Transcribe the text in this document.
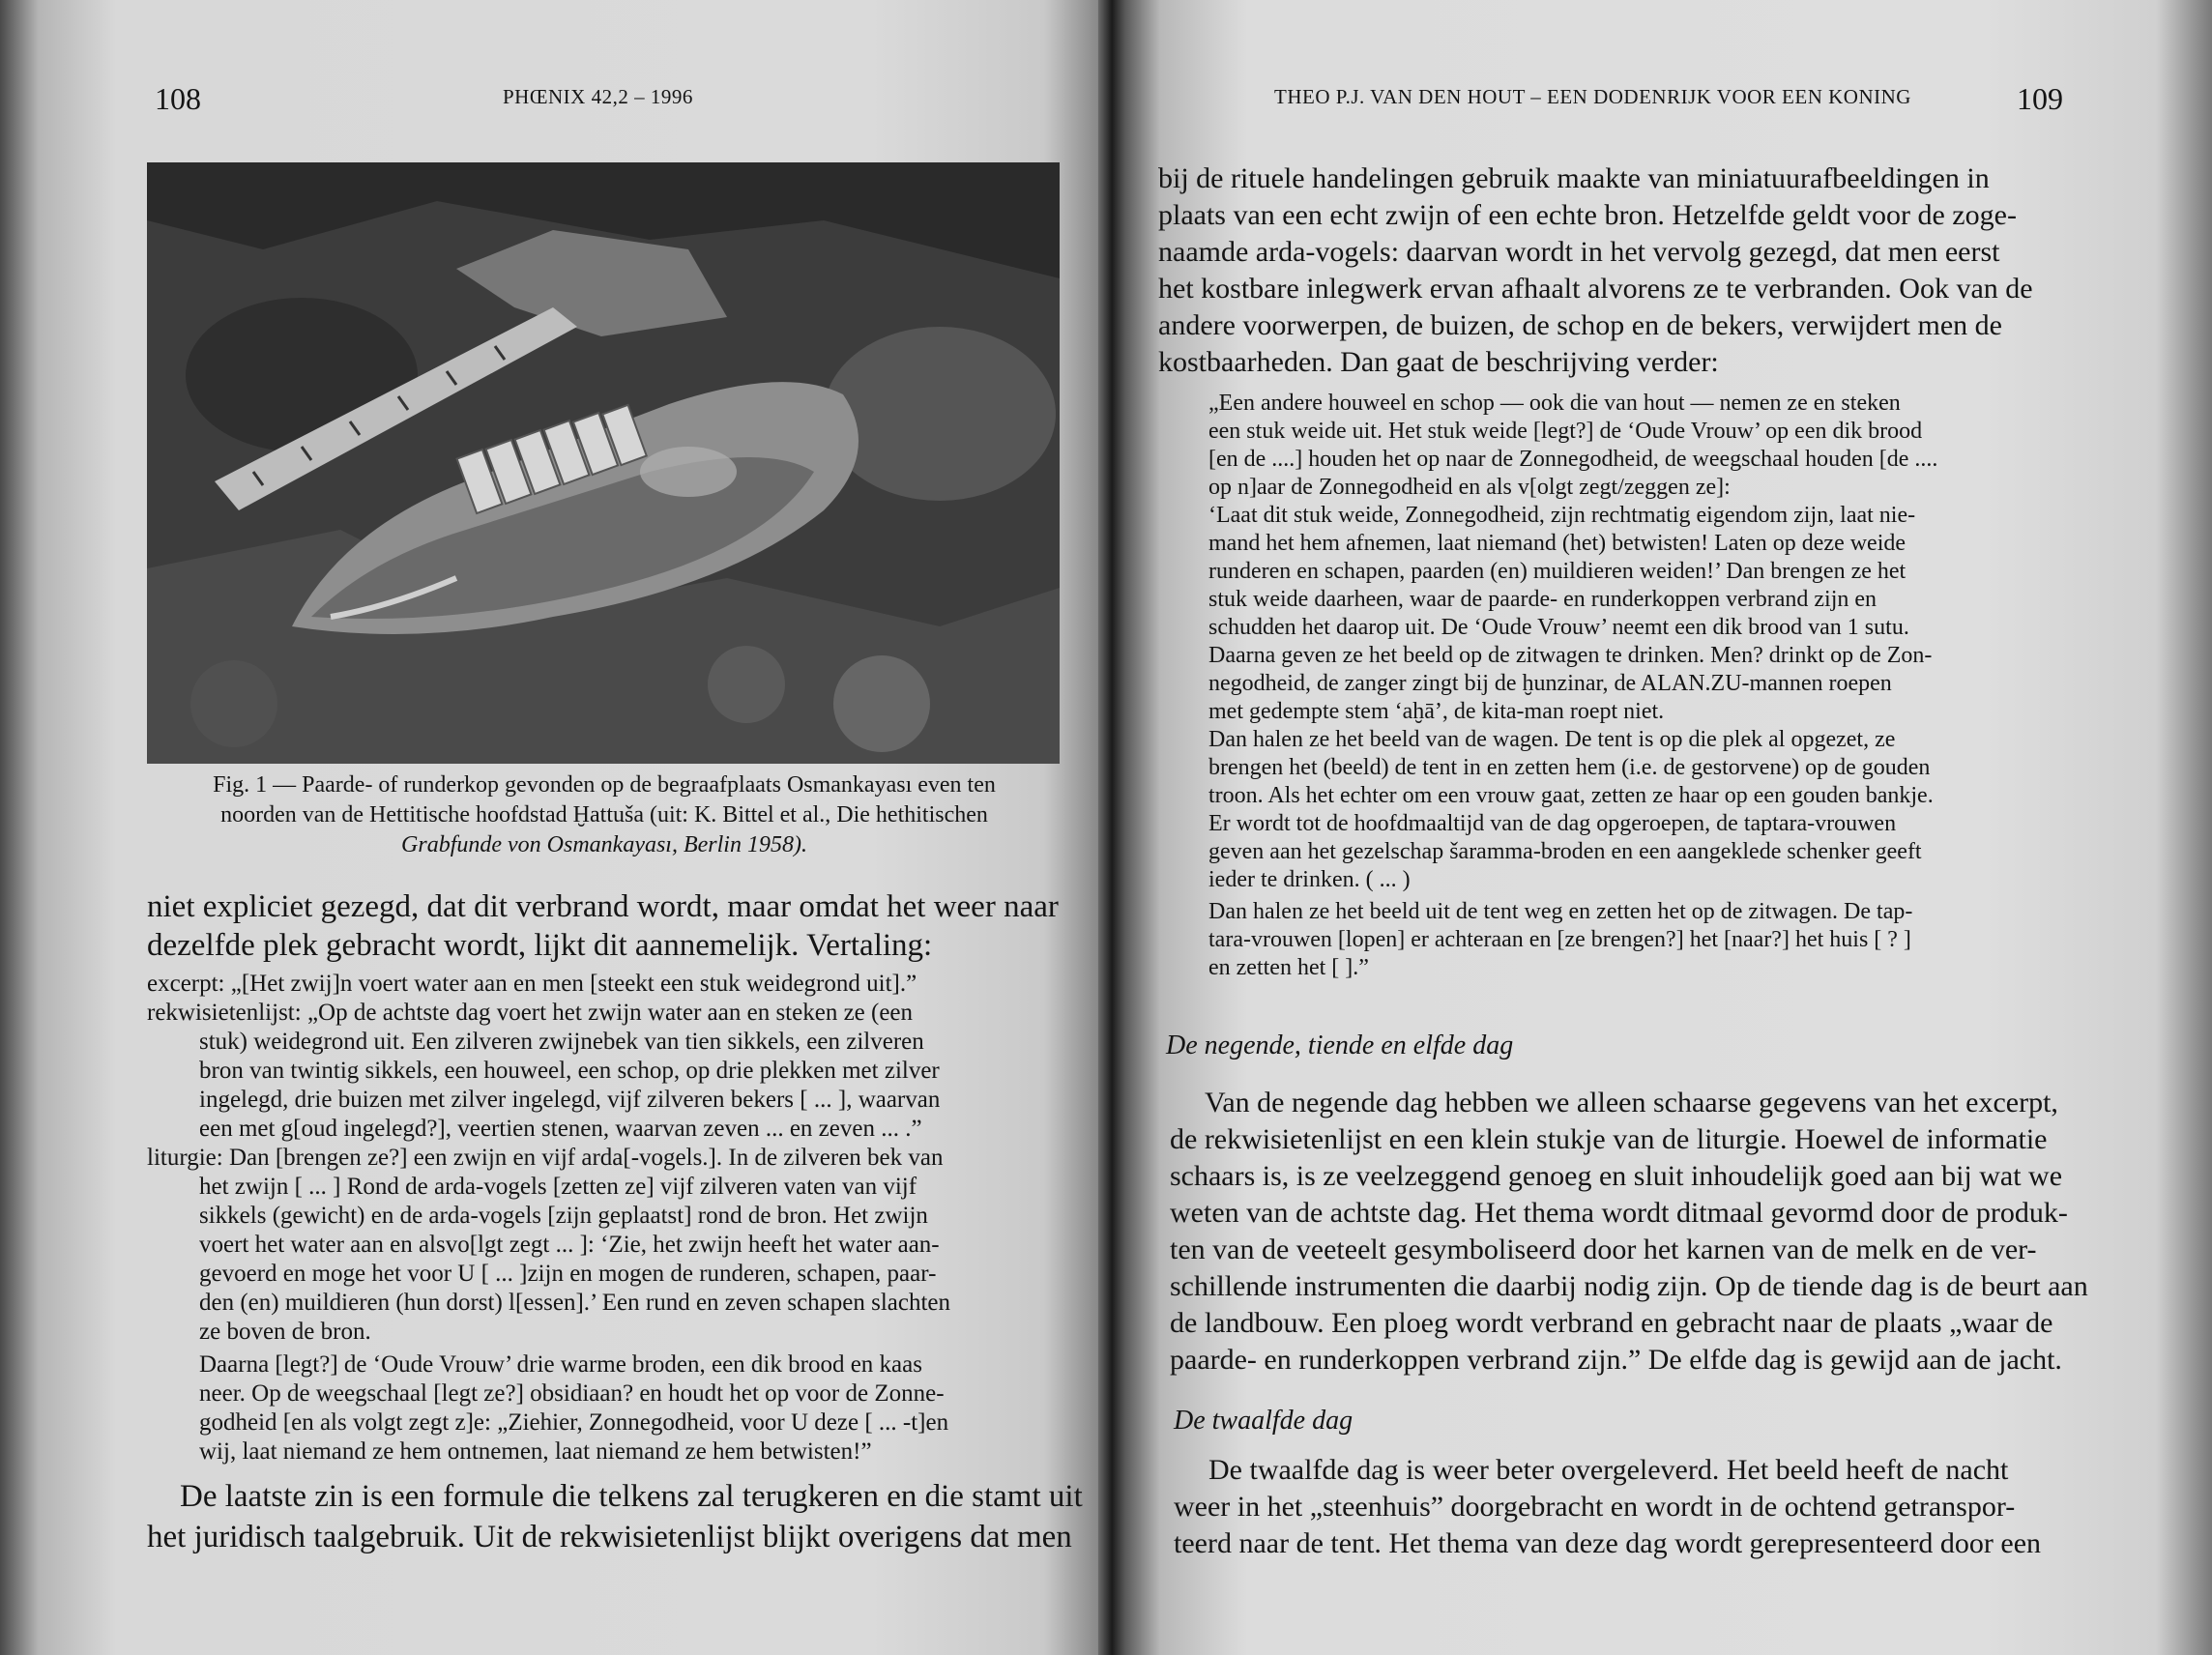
108	PHŒNIX 42,2 – 1996
Fig. 1 — Paarde- of runderkop gevonden op de begraafplaats Osmankayası even ten
noorden van de Hettitische hoofdstad Ḫattuša (uit: K. Bittel et al., Die hethitischen
Grabfunde von Osmankayası, Berlin 1958).
niet expliciet gezegd, dat dit verbrand wordt, maar omdat het weer naar
dezelfde plek gebracht wordt, lijkt dit aannemelijk. Vertaling:
excerpt: „[Het zwij]n voert water aan en men [steekt een stuk weidegrond uit].”
rekwisietenlijst: „Op de achtste dag voert het zwijn water aan en steken ze (een
stuk) weidegrond uit. Een zilveren zwijnebek van tien sikkels, een zilveren
bron van twintig sikkels, een houweel, een schop, op drie plekken met zilver
ingelegd, drie buizen met zilver ingelegd, vijf zilveren bekers [ ... ], waarvan
een met g[oud ingelegd?], veertien stenen, waarvan zeven ... en zeven ... .”
liturgie: Dan [brengen ze?] een zwijn en vijf arda[-vogels.]. In de zilveren bek van
het zwijn [ ... ] Rond de arda-vogels [zetten ze] vijf zilveren vaten van vijf
sikkels (gewicht) en de arda-vogels [zijn geplaatst] rond de bron. Het zwijn
voert het water aan en alsvo[lgt zegt ... ]: ‘Zie, het zwijn heeft het water aan-
gevoerd en moge het voor U [ ... ]zijn en mogen de runderen, schapen, paar-
den (en) muildieren (hun dorst) l[essen].’ Een rund en zeven schapen slachten
ze boven de bron.
Daarna [legt?] de ‘Oude Vrouw’ drie warme broden, een dik brood en kaas
neer. Op de weegschaal [legt ze?] obsidiaan? en houdt het op voor de Zonne-
godheid [en als volgt zegt z]e: „Ziehier, Zonnegodheid, voor U deze [ ... -t]en
wij, laat niemand ze hem ontnemen, laat niemand ze hem betwisten!”
De laatste zin is een formule die telkens zal terugkeren en die stamt uit
het juridisch taalgebruik. Uit de rekwisietenlijst blijkt overigens dat men
THEO P.J. VAN DEN HOUT – EEN DODENRIJK VOOR EEN KONING	109
bij de rituele handelingen gebruik maakte van miniatuurafbeeldingen in
plaats van een echt zwijn of een echte bron. Hetzelfde geldt voor de zoge-
naamde arda-vogels: daarvan wordt in het vervolg gezegd, dat men eerst
het kostbare inlegwerk ervan afhaalt alvorens ze te verbranden. Ook van de
andere voorwerpen, de buizen, de schop en de bekers, verwijdert men de
kostbaarheden. Dan gaat de beschrijving verder:
„Een andere houweel en schop — ook die van hout — nemen ze en steken
een stuk weide uit. Het stuk weide [legt?] de ‘Oude Vrouw’ op een dik brood
[en de ....] houden het op naar de Zonnegodheid, de weegschaal houden [de ....
op n]aar de Zonnegodheid en als v[olgt zegt/zeggen ze]:
‘Laat dit stuk weide, Zonnegodheid, zijn rechtmatig eigendom zijn, laat nie-
mand het hem afnemen, laat niemand (het) betwisten! Laten op deze weide
runderen en schapen, paarden (en) muildieren weiden!’ Dan brengen ze het
stuk weide daarheen, waar de paarde- en runderkoppen verbrand zijn en
schudden het daarop uit. De ‘Oude Vrouw’ neemt een dik brood van 1 sutu.
Daarna geven ze het beeld op de zitwagen te drinken. Men? drinkt op de Zon-
negodheid, de zanger zingt bij de ḫunzinar, de ALAN.ZU-mannen roepen
met gedempte stem ‘aḫā’, de kita-man roept niet.
Dan halen ze het beeld van de wagen. De tent is op die plek al opgezet, ze
brengen het (beeld) de tent in en zetten hem (i.e. de gestorvene) op de gouden
troon. Als het echter om een vrouw gaat, zetten ze haar op een gouden bankje.
Er wordt tot de hoofdmaaltijd van de dag opgeroepen, de taptara-vrouwen
geven aan het gezelschap šaramma-broden en een aangeklede schenker geeft
ieder te drinken. ( ... )
Dan halen ze het beeld uit de tent weg en zetten het op de zitwagen. De tap-
tara-vrouwen [lopen] er achteraan en [ze brengen?] het [naar?] het huis [ ? ]
en zetten het [ ].”
De negende, tiende en elfde dag
Van de negende dag hebben we alleen schaarse gegevens van het excerpt,
de rekwisietenlijst en een klein stukje van de liturgie. Hoewel de informatie
schaars is, is ze veelzeggend genoeg en sluit inhoudelijk goed aan bij wat we
weten van de achtste dag. Het thema wordt ditmaal gevormd door de produk-
ten van de veeteelt gesymboliseerd door het karnen van de melk en de ver-
schillende instrumenten die daarbij nodig zijn. Op de tiende dag is de beurt aan
de landbouw. Een ploeg wordt verbrand en gebracht naar de plaats „waar de
paarde- en runderkoppen verbrand zijn.” De elfde dag is gewijd aan de jacht.
De twaalfde dag
De twaalfde dag is weer beter overgeleverd. Het beeld heeft de nacht
weer in het „steenhuis” doorgebracht en wordt in de ochtend getranspor-
teerd naar de tent. Het thema van deze dag wordt gerepresenteerd door een
